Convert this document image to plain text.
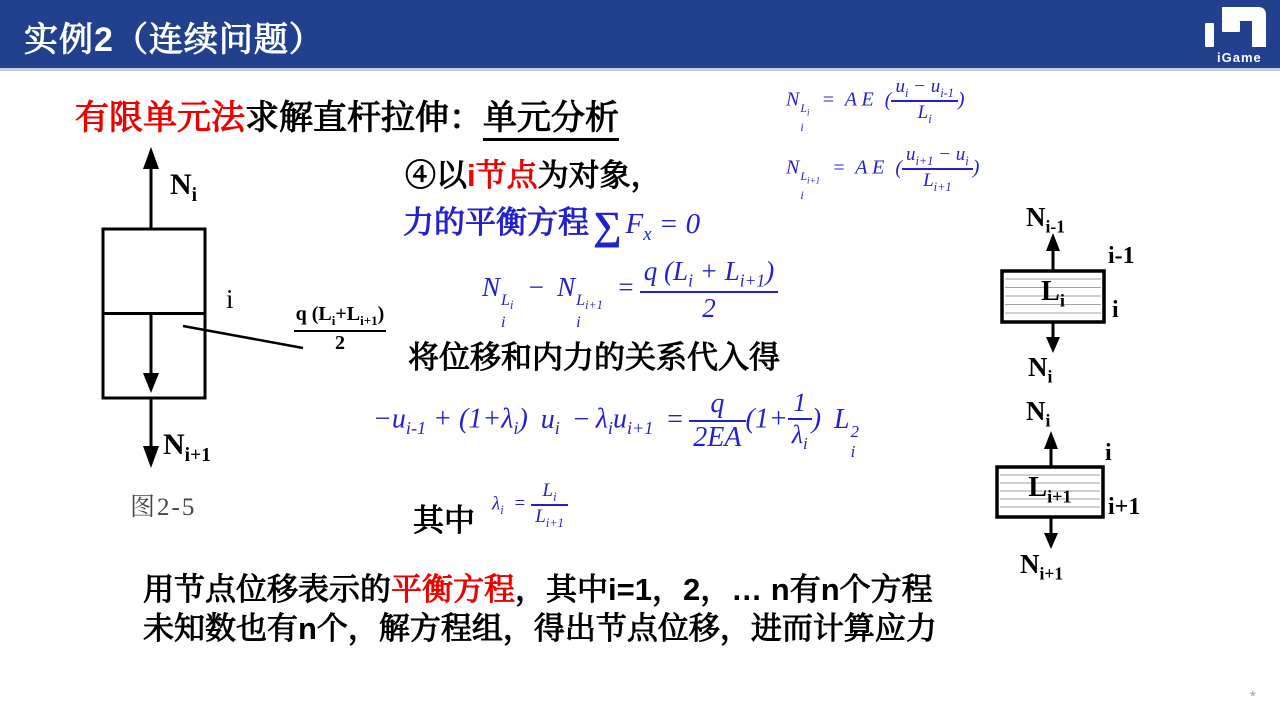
实例2（连续问题）	iGame
有限单元法求解直杆拉伸：单元分析
N $L_i$
i
= A E ( $\frac{u_i - u_{i-1}}{L_i}$ )
N $L_{i+1}$
i
= A E ( $\frac{u_{i+1} - u_i}{L_{i+1}}$ )
④以i节点为对象，
力的平衡方程 ∑ $F_x = 0$
N $L_i$
i
− N $L_{i+1}$
i
= $\frac{q (L_i + L_{i+1})}{2}$
将位移和内力的关系代入得
$-u_{i-1} + (1+\lambda_i) u_i - \lambda_iu_{i+1} = \frac{q}{2EA} (1+ \frac{1}{\lambda_i}$ ) L 2
i
其中 $\lambda_i = \frac{L_i}{L_{i+1}}$
$N_i$
i
$\frac{q (L_i+L_{i+1})}{2}$
$N_{i+1}$
图2-5
$N_{i-1}$
i-1
$L_i$	i
$N_i$
$N_i$
i
$L_{i+1}$	i+1
$N_{i+1}$
用节点位移表示的平衡方程，其中i=1，2，… n有n个方程
未知数也有n个，解方程组，得出节点位移，进而计算应力
*
